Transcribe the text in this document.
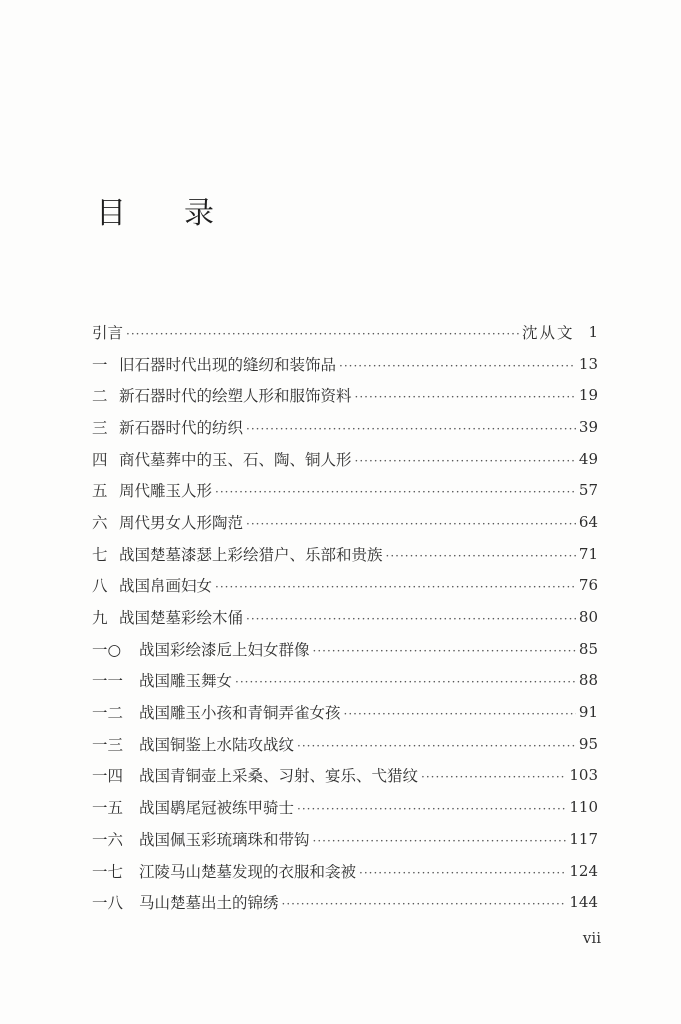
目 录
引言 ·····	沈从文 1
一 旧石器时代出现的缝纫和装饰品 ·····	13
二 新石器时代的绘塑人形和服饰资料 ·····	19
三 新石器时代的纺织 ·····	39
四 商代墓葬中的玉、石、陶、铜人形 ·····	49
五 周代雕玉人形 ·····	57
六 周代男女人形陶范 ·····	64
七 战国楚墓漆瑟上彩绘猎户、乐部和贵族 ·····	71
八 战国帛画妇女 ·····	76
九 战国楚墓彩绘木俑 ·····	80
一○	战国彩绘漆卮上妇女群像 ·····	85
一一	战国雕玉舞女 ·····	88
一二	战国雕玉小孩和青铜弄雀女孩 ·····	91
一三	战国铜鉴上水陆攻战纹 ·····	95
一四	战国青铜壶上采桑、习射、宴乐、弋猎纹 ·····	103
一五	战国鹖尾冠被练甲骑士 ·····	110
一六	战国佩玉彩琉璃珠和带钩 ·····	117
一七	江陵马山楚墓发现的衣服和衾被 ·····	124
一八	马山楚墓出土的锦绣 ·····	144
vii
